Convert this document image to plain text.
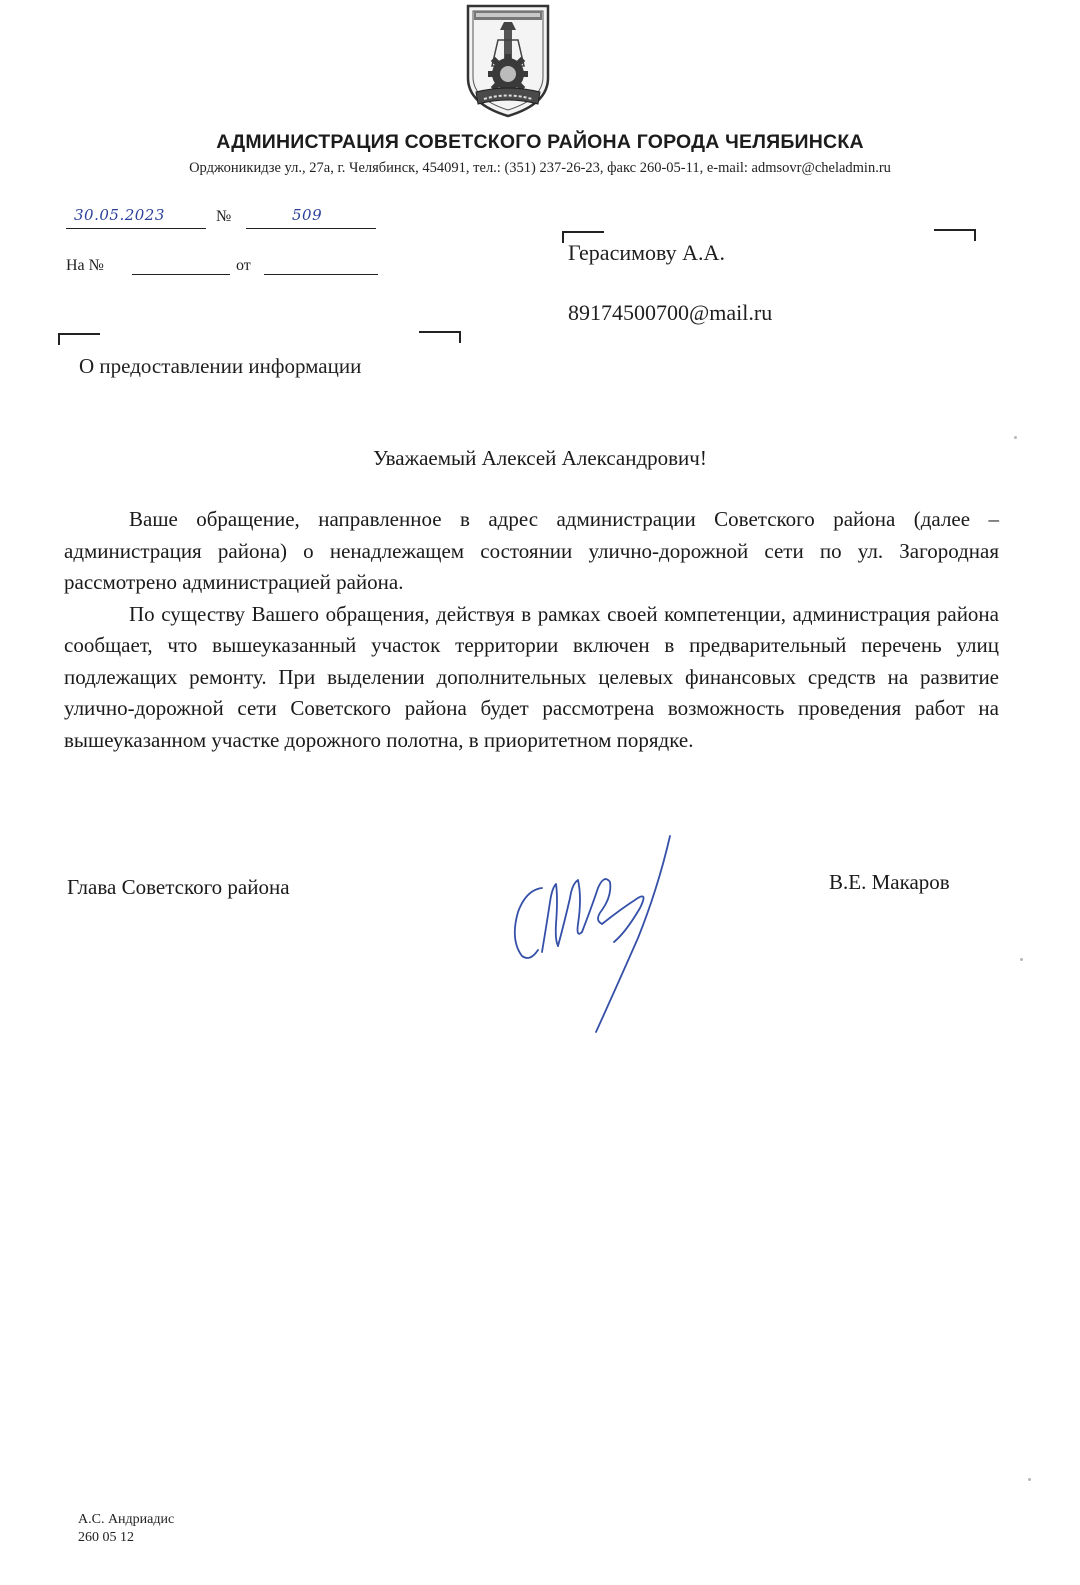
АДМИНИСТРАЦИЯ СОВЕТСКОГО РАЙОНА ГОРОДА ЧЕЛЯБИНСКА
Орджоникидзе ул., 27а, г. Челябинск, 454091, тел.: (351) 237-26-23, факс 260-05-11, e-mail: admsovr@cheladmin.ru
30.05.2023	№	509
На №	от
Герасимову А.А.
89174500700@mail.ru
О предоставлении информации
Уважаемый Алексей Александрович!

Ваше обращение, направленное в адрес администрации Советского района (далее – администрация района) о ненадлежащем состоянии улично-дорожной сети по ул. Загородная рассмотрено администрацией района.

По существу Вашего обращения, действуя в рамках своей компетенции, администрация района сообщает, что вышеуказанный участок территории включен в предварительный перечень улиц подлежащих ремонту. При выделении дополнительных целевых финансовых средств на развитие улично-дорожной сети Советского района будет рассмотрена возможность проведения работ на вышеуказанном участке дорожного полотна, в приоритетном порядке.

Глава Советского района	В.Е. Макаров
А.С. Андриадис
260 05 12
